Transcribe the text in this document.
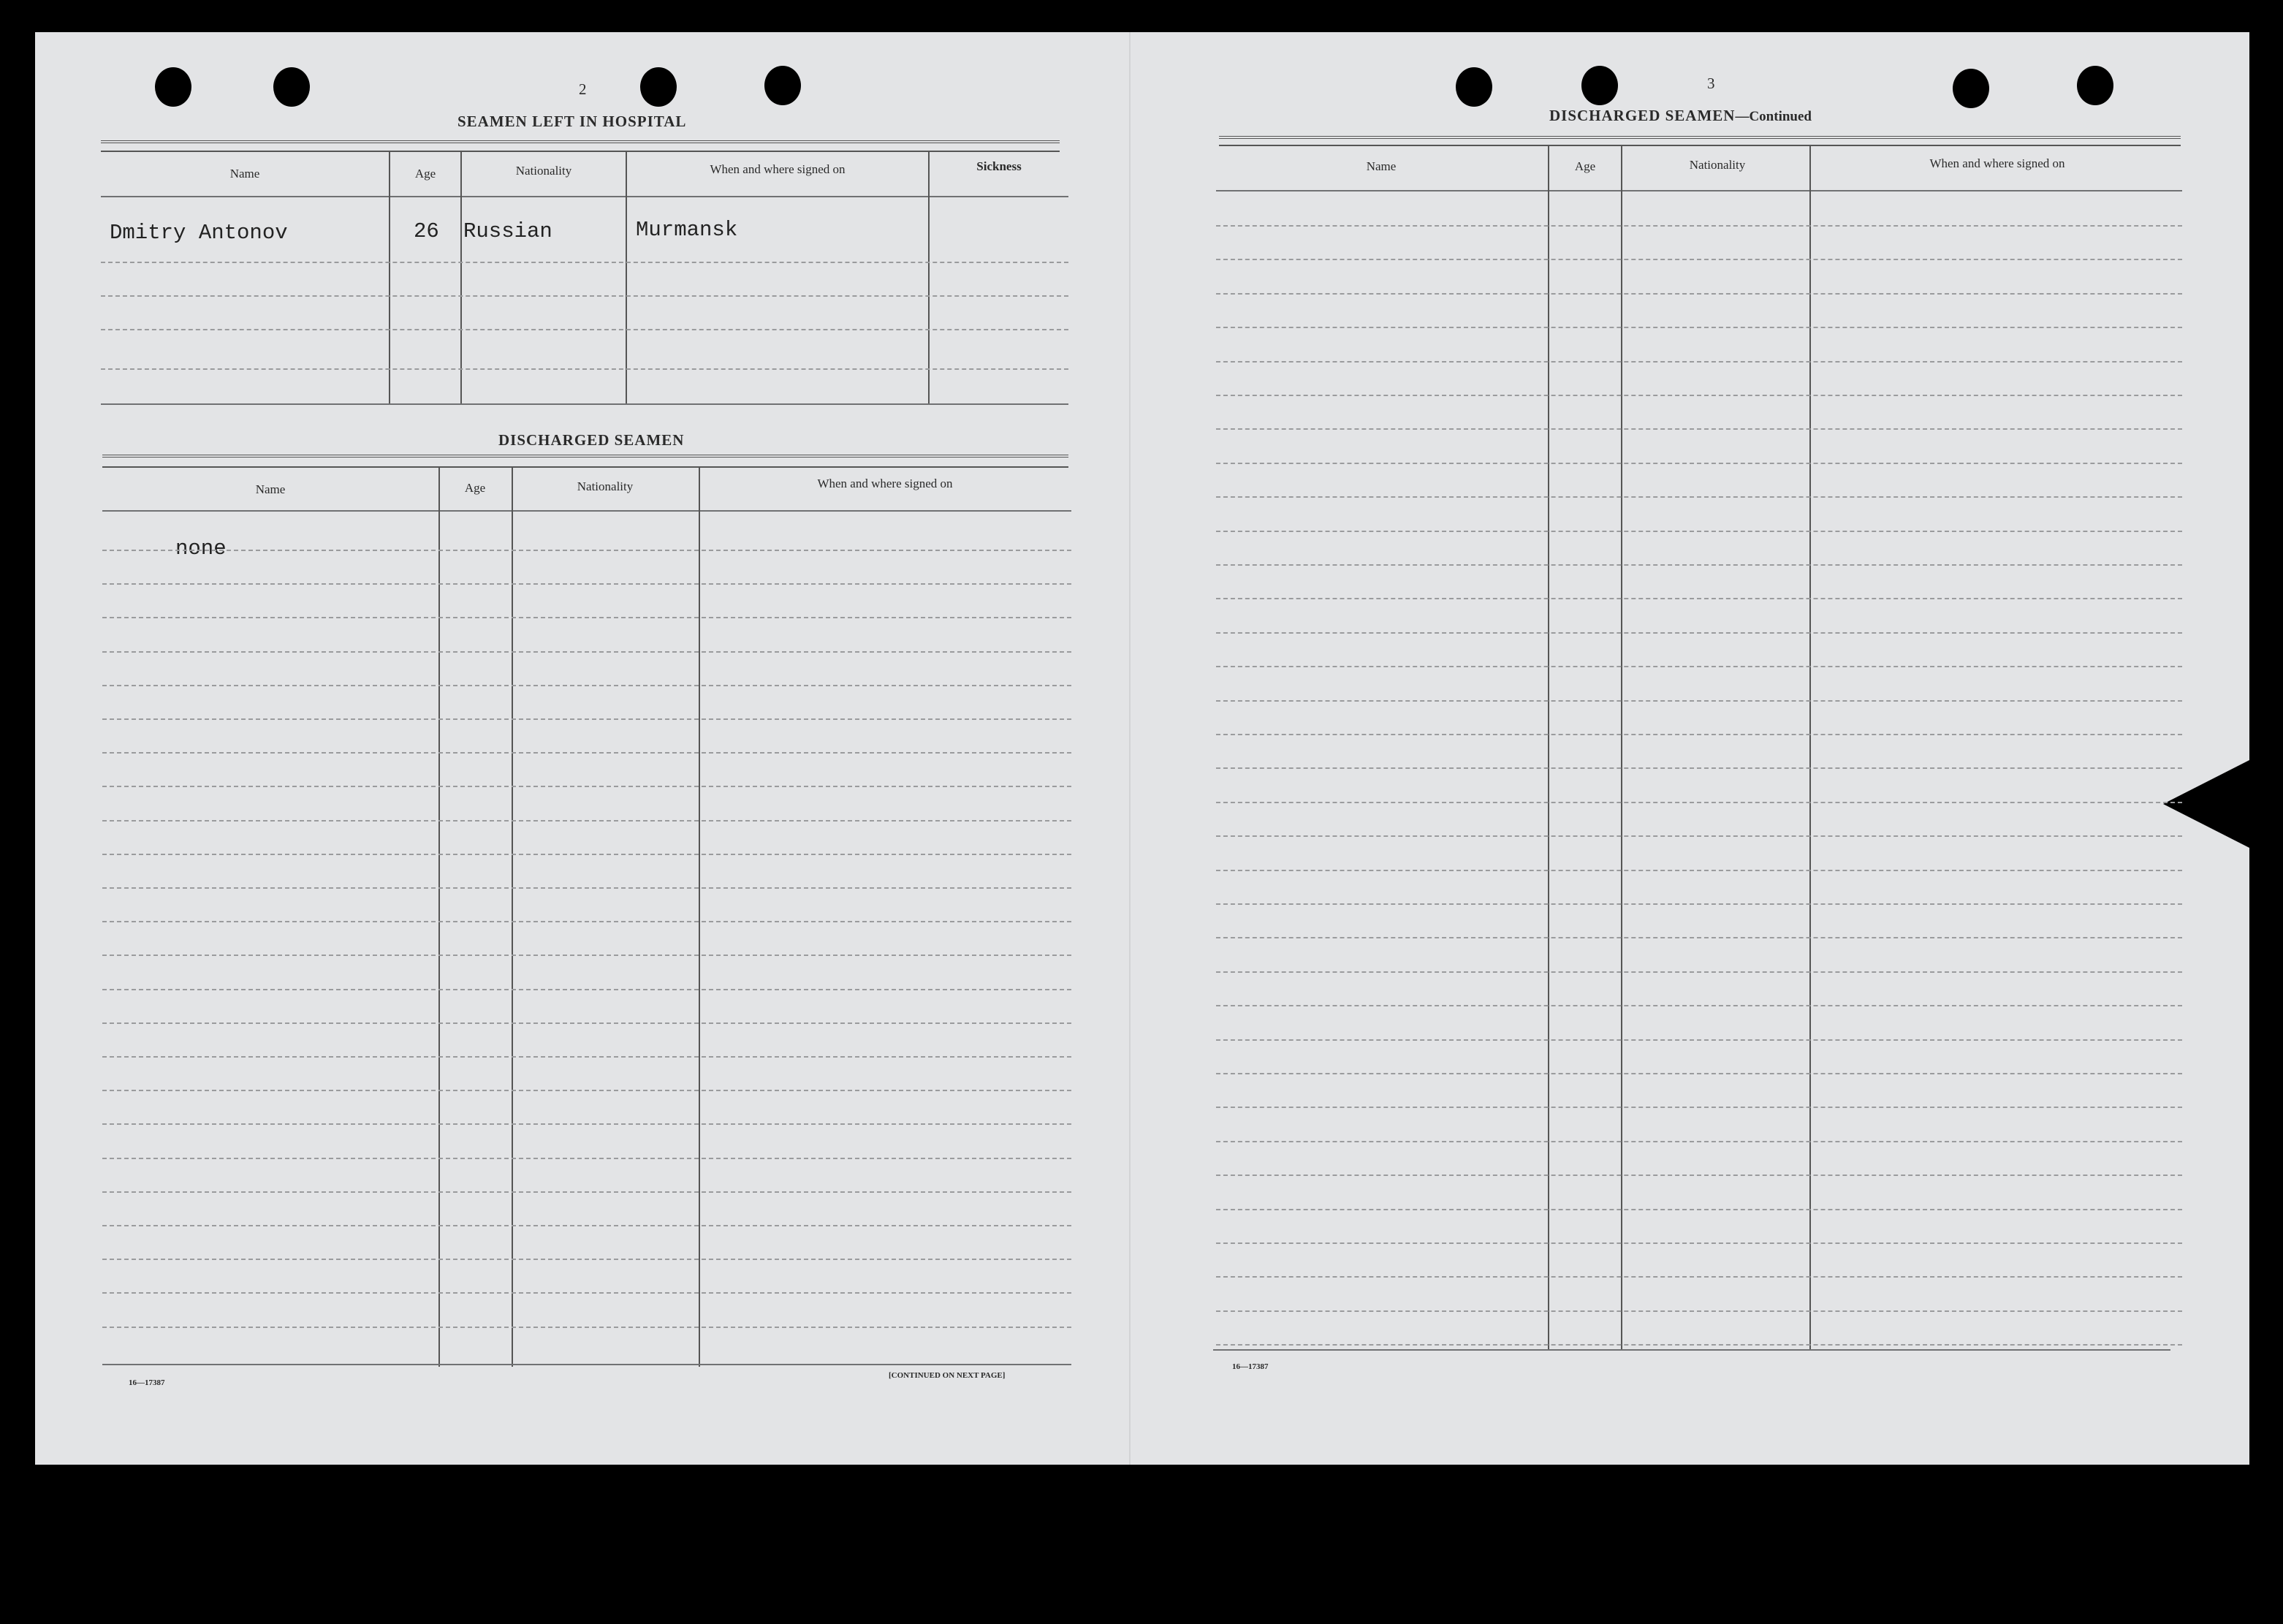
2
SEAMEN LEFT IN HOSPITAL
Name	Age	Nationality	When and where signed on	Sickness
Dmitry Antonov	26 Russian	Murmansk
DISCHARGED SEAMEN
Name	Age	Nationality	When and where signed on
none
16—17387
[CONTINUED ON NEXT PAGE]
3
DISCHARGED SEAMEN—Continued
Name	Age	Nationality	When and where signed on
16—17387
